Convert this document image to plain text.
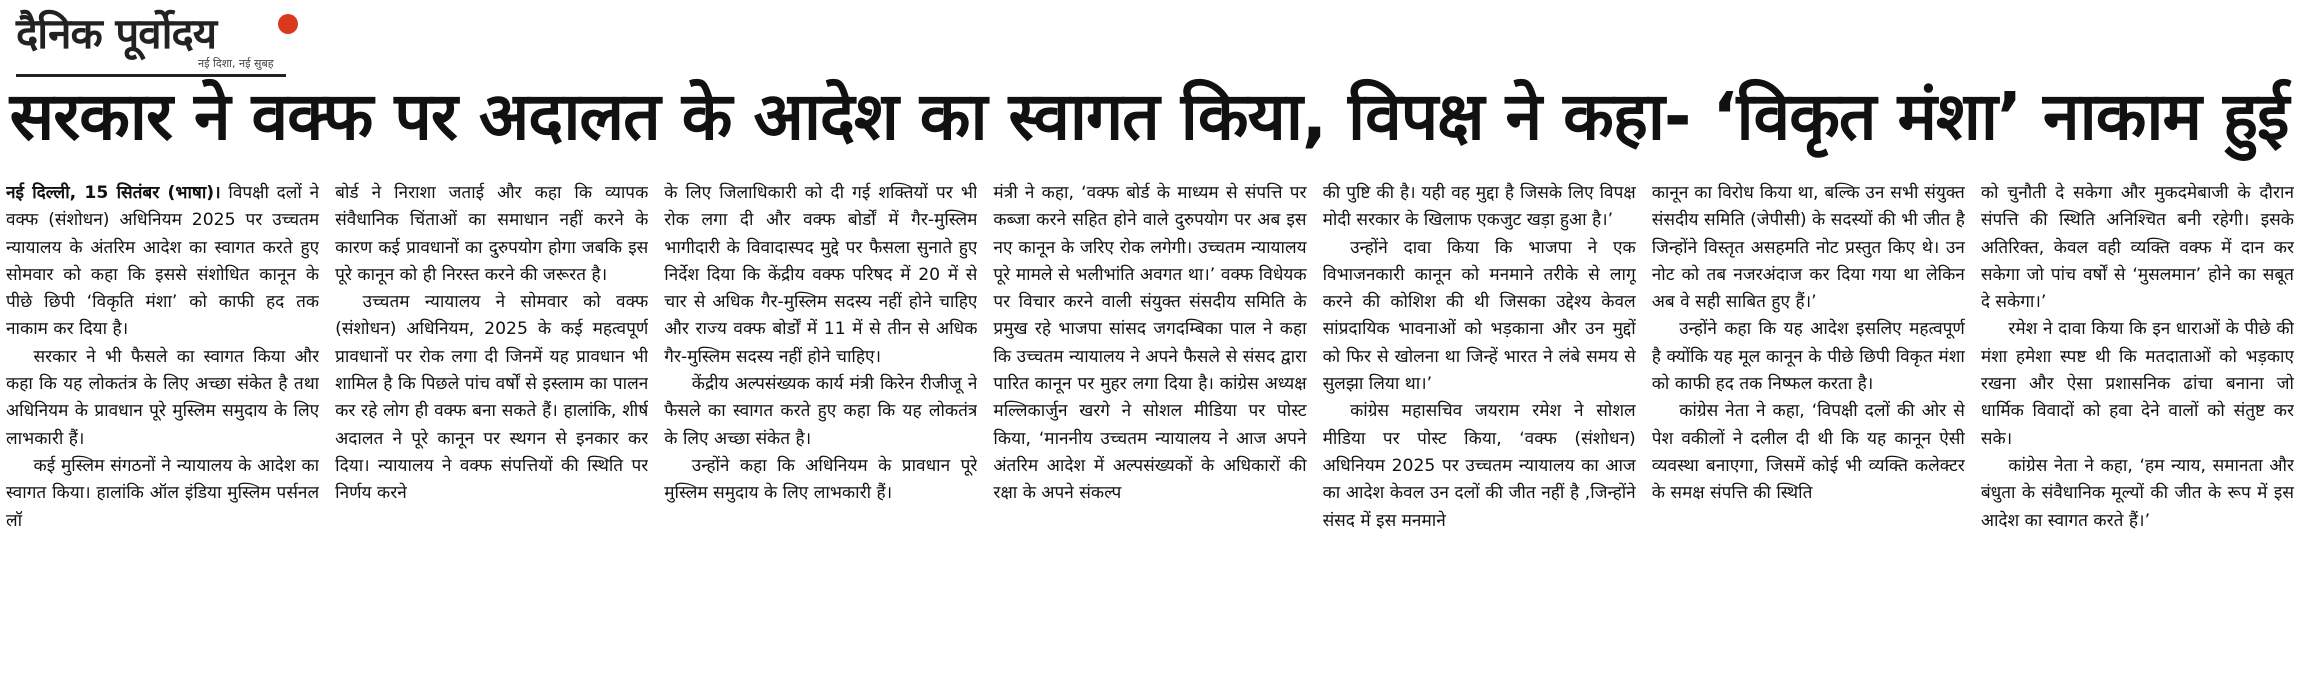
दैनिक पूर्वोदय
नई दिशा, नई सुबह
सरकार ने वक्फ पर अदालत के आदेश का स्वागत किया, विपक्ष ने कहा- ‘विकृत मंशा’ नाकाम हुई

नई दिल्ली, 15 सितंबर (भाषा)। विपक्षी दलों ने वक्फ (संशोधन) अधिनियम 2025 पर उच्चतम न्यायालय के अंतरिम आदेश का स्वागत करते हुए सोमवार को कहा कि इससे संशोधित कानून के पीछे छिपी ‘विकृति मंशा’ को काफी हद तक नाकाम कर दिया है।

सरकार ने भी फैसले का स्वागत किया और कहा कि यह लोकतंत्र के लिए अच्छा संकेत है तथा अधिनियम के प्रावधान पूरे मुस्लिम समुदाय के लिए लाभकारी हैं।

कई मुस्लिम संगठनों ने न्यायालय के आदेश का स्वागत किया। हालांकि ऑल इंडिया मुस्लिम पर्सनल लॉ

बोर्ड ने निराशा जताई और कहा कि व्यापक संवैधानिक चिंताओं का समाधान नहीं करने के कारण कई प्रावधानों का दुरुपयोग होगा जबकि इस पूरे कानून को ही निरस्त करने की जरूरत है।

उच्चतम न्यायालय ने सोमवार को वक्फ (संशोधन) अधिनियम, 2025 के कई महत्वपूर्ण प्रावधानों पर रोक लगा दी जिनमें यह प्रावधान भी शामिल है कि पिछले पांच वर्षों से इस्लाम का पालन कर रहे लोग ही वक्फ बना सकते हैं। हालांकि, शीर्ष अदालत ने पूरे कानून पर स्थगन से इनकार कर दिया। न्यायालय ने वक्फ संपत्तियों की स्थिति पर निर्णय करने

के लिए जिलाधिकारी को दी गई शक्तियों पर भी रोक लगा दी और वक्फ बोर्डों में गैर-मुस्लिम भागीदारी के विवादास्पद मुद्दे पर फैसला सुनाते हुए निर्देश दिया कि केंद्रीय वक्फ परिषद में 20 में से चार से अधिक गैर-मुस्लिम सदस्य नहीं होने चाहिए और राज्य वक्फ बोर्डों में 11 में से तीन से अधिक गैर-मुस्लिम सदस्य नहीं होने चाहिए।

केंद्रीय अल्पसंख्यक कार्य मंत्री किरेन रीजीजू ने फैसले का स्वागत करते हुए कहा कि यह लोकतंत्र के लिए अच्छा संकेत है।

उन्होंने कहा कि अधिनियम के प्रावधान पूरे मुस्लिम समुदाय के लिए लाभकारी हैं।

मंत्री ने कहा, ‘वक्फ बोर्ड के माध्यम से संपत्ति पर कब्जा करने सहित होने वाले दुरुपयोग पर अब इस नए कानून के जरिए रोक लगेगी। उच्चतम न्यायालय पूरे मामले से भलीभांति अवगत था।’ वक्फ विधेयक पर विचार करने वाली संयुक्त संसदीय समिति के प्रमुख रहे भाजपा सांसद जगदम्बिका पाल ने कहा कि उच्चतम न्यायालय ने अपने फैसले से संसद द्वारा पारित कानून पर मुहर लगा दिया है। कांग्रेस अध्यक्ष मल्लिकार्जुन खरगे ने सोशल मीडिया पर पोस्ट किया, ‘माननीय उच्चतम न्यायालय ने आज अपने अंतरिम आदेश में अल्पसंख्यकों के अधिकारों की रक्षा के अपने संकल्प

की पुष्टि की है। यही वह मुद्दा है जिसके लिए विपक्ष मोदी सरकार के खिलाफ एकजुट खड़ा हुआ है।’

उन्होंने दावा किया कि भाजपा ने एक विभाजनकारी कानून को मनमाने तरीके से लागू करने की कोशिश की थी जिसका उद्देश्य केवल सांप्रदायिक भावनाओं को भड़काना और उन मुद्दों को फिर से खोलना था जिन्हें भारत ने लंबे समय से सुलझा लिया था।’

कांग्रेस महासचिव जयराम रमेश ने सोशल मीडिया पर पोस्ट किया, ‘वक्फ (संशोधन) अधिनियम 2025 पर उच्चतम न्यायालय का आज का आदेश केवल उन दलों की जीत नहीं है ,जिन्होंने संसद में इस मनमाने

कानून का विरोध किया था, बल्कि उन सभी संयुक्त संसदीय समिति (जेपीसी) के सदस्यों की भी जीत है जिन्होंने विस्तृत असहमति नोट प्रस्तुत किए थे। उन नोट को तब नजरअंदाज कर दिया गया था लेकिन अब वे सही साबित हुए हैं।’

उन्होंने कहा कि यह आदेश इसलिए महत्वपूर्ण है क्योंकि यह मूल कानून के पीछे छिपी विकृत मंशा को काफी हद तक निष्फल करता है।

कांग्रेस नेता ने कहा, ‘विपक्षी दलों की ओर से पेश वकीलों ने दलील दी थी कि यह कानून ऐसी व्यवस्था बनाएगा, जिसमें कोई भी व्यक्ति कलेक्टर के समक्ष संपत्ति की स्थिति

को चुनौती दे सकेगा और मुकदमेबाजी के दौरान संपत्ति की स्थिति अनिश्चित बनी रहेगी। इसके अतिरिक्त, केवल वही व्यक्ति वक्फ में दान कर सकेगा जो पांच वर्षों से ‘मुसलमान’ होने का सबूत दे सकेगा।’

रमेश ने दावा किया कि इन धाराओं के पीछे की मंशा हमेशा स्पष्ट थी कि मतदाताओं को भड़काए रखना और ऐसा प्रशासनिक ढांचा बनाना जो धार्मिक विवादों को हवा देने वालों को संतुष्ट कर सके।

कांग्रेस नेता ने कहा, ‘हम न्याय, समानता और बंधुता के संवैधानिक मूल्यों की जीत के रूप में इस आदेश का स्वागत करते हैं।’
